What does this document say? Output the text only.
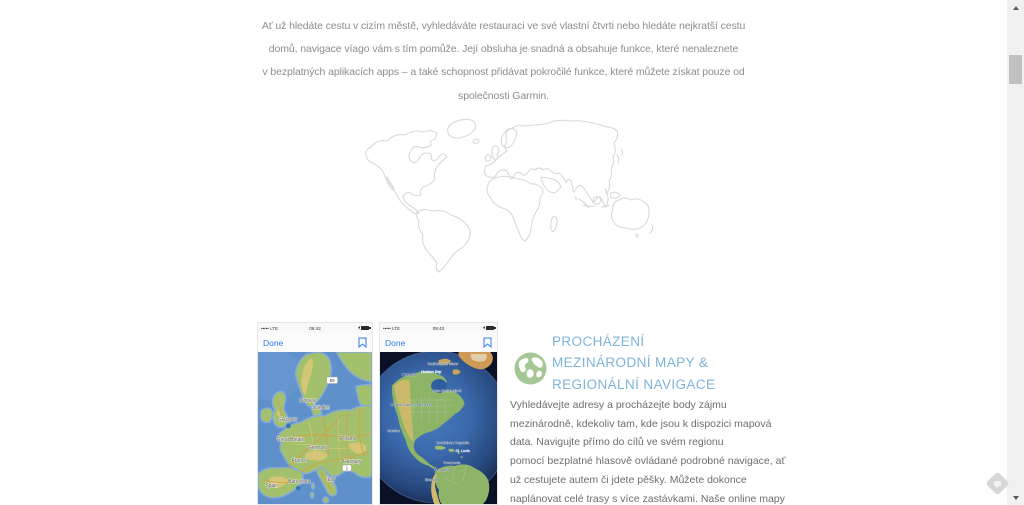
Ať už hledáte cestu v cizím městě, vyhledáváte restauraci ve své vlastní čtvrti nebo hledáte nejkratší cestu
domů, navigace víago vám s tím pomůže. Její obsluha je snadná a obsahuje funkce, které nenaleznete
v bezplatných aplikacích apps – a také schopnost přidávat pokročilé funkce, které můžete získat pouze od
společnosti Garmin.
••••• LTE	09:42
Done
E6
1
Norway
Sweden
Glasgow
Great Britain
Germany
Poland
France	Hungary
Spain
Barcelona	Italy
••••• LTE	09:42
Done
Southampton Island
Canada Hudson Bay
Cape Breton Island
United States of America
Mexico
Dominican Republic
St. Lucia
Venezuela
Colombia
Ecuador
PROCHÁZENÍ
MEZINÁRODNÍ MAPY &
REGIONÁLNÍ NAVIGACE
Vyhledávejte adresy a procházejte body zájmu
mezinárodně, kdekoliv tam, kde jsou k dispozici mapová
data. Navigujte přímo do cílů ve svém regionu
pomocí bezplatné hlasově ovládané podrobné navigace, ať
už cestujete autem či jdete pěšky. Můžete dokonce
naplánovat celé trasy s více zastávkami. Naše online mapy
